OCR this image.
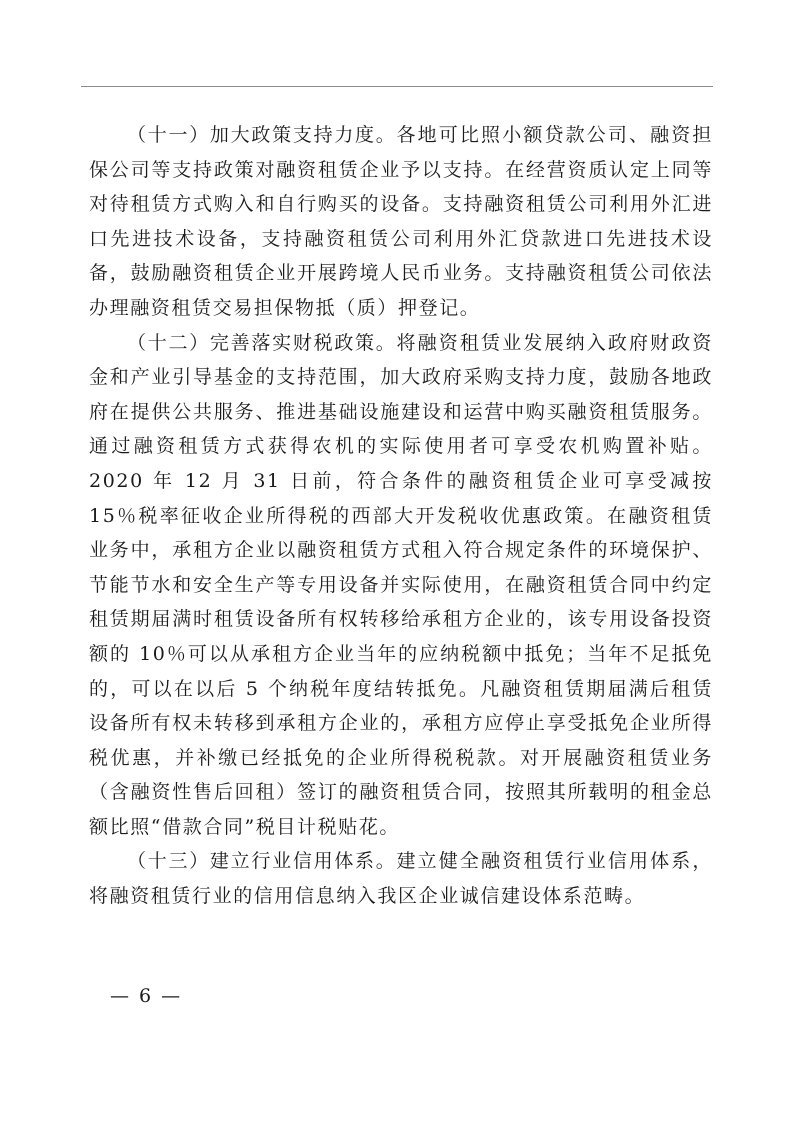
（十一）加大政策支持力度。各地可比照小额贷款公司、融资担保公司等支持政策对融资租赁企业予以支持。在经营资质认定上同等对待租赁方式购入和自行购买的设备。支持融资租赁公司利用外汇进口先进技术设备，支持融资租赁公司利用外汇贷款进口先进技术设备，鼓励融资租赁企业开展跨境人民币业务。支持融资租赁公司依法办理融资租赁交易担保物抵（质）押登记。

（十二）完善落实财税政策。将融资租赁业发展纳入政府财政资金和产业引导基金的支持范围，加大政府采购支持力度，鼓励各地政府在提供公共服务、推进基础设施建设和运营中购买融资租赁服务。通过融资租赁方式获得农机的实际使用者可享受农机购置补贴。2020 年 12 月 31 日前，符合条件的融资租赁企业可享受减按 15％税率征收企业所得税的西部大开发税收优惠政策。在融资租赁业务中，承租方企业以融资租赁方式租入符合规定条件的环境保护、节能节水和安全生产等专用设备并实际使用，在融资租赁合同中约定租赁期届满时租赁设备所有权转移给承租方企业的，该专用设备投资额的 10％可以从承租方企业当年的应纳税额中抵免；当年不足抵免的，可以在以后 5 个纳税年度结转抵免。凡融资租赁期届满后租赁设备所有权未转移到承租方企业的，承租方应停止享受抵免企业所得税优惠，并补缴已经抵免的企业所得税税款。对开展融资租赁业务（含融资性售后回租）签订的融资租赁合同，按照其所载明的租金总额比照“借款合同”税目计税贴花。

（十三）建立行业信用体系。建立健全融资租赁行业信用体系，将融资租赁行业的信用信息纳入我区企业诚信建设体系范畴。

— 6 —
